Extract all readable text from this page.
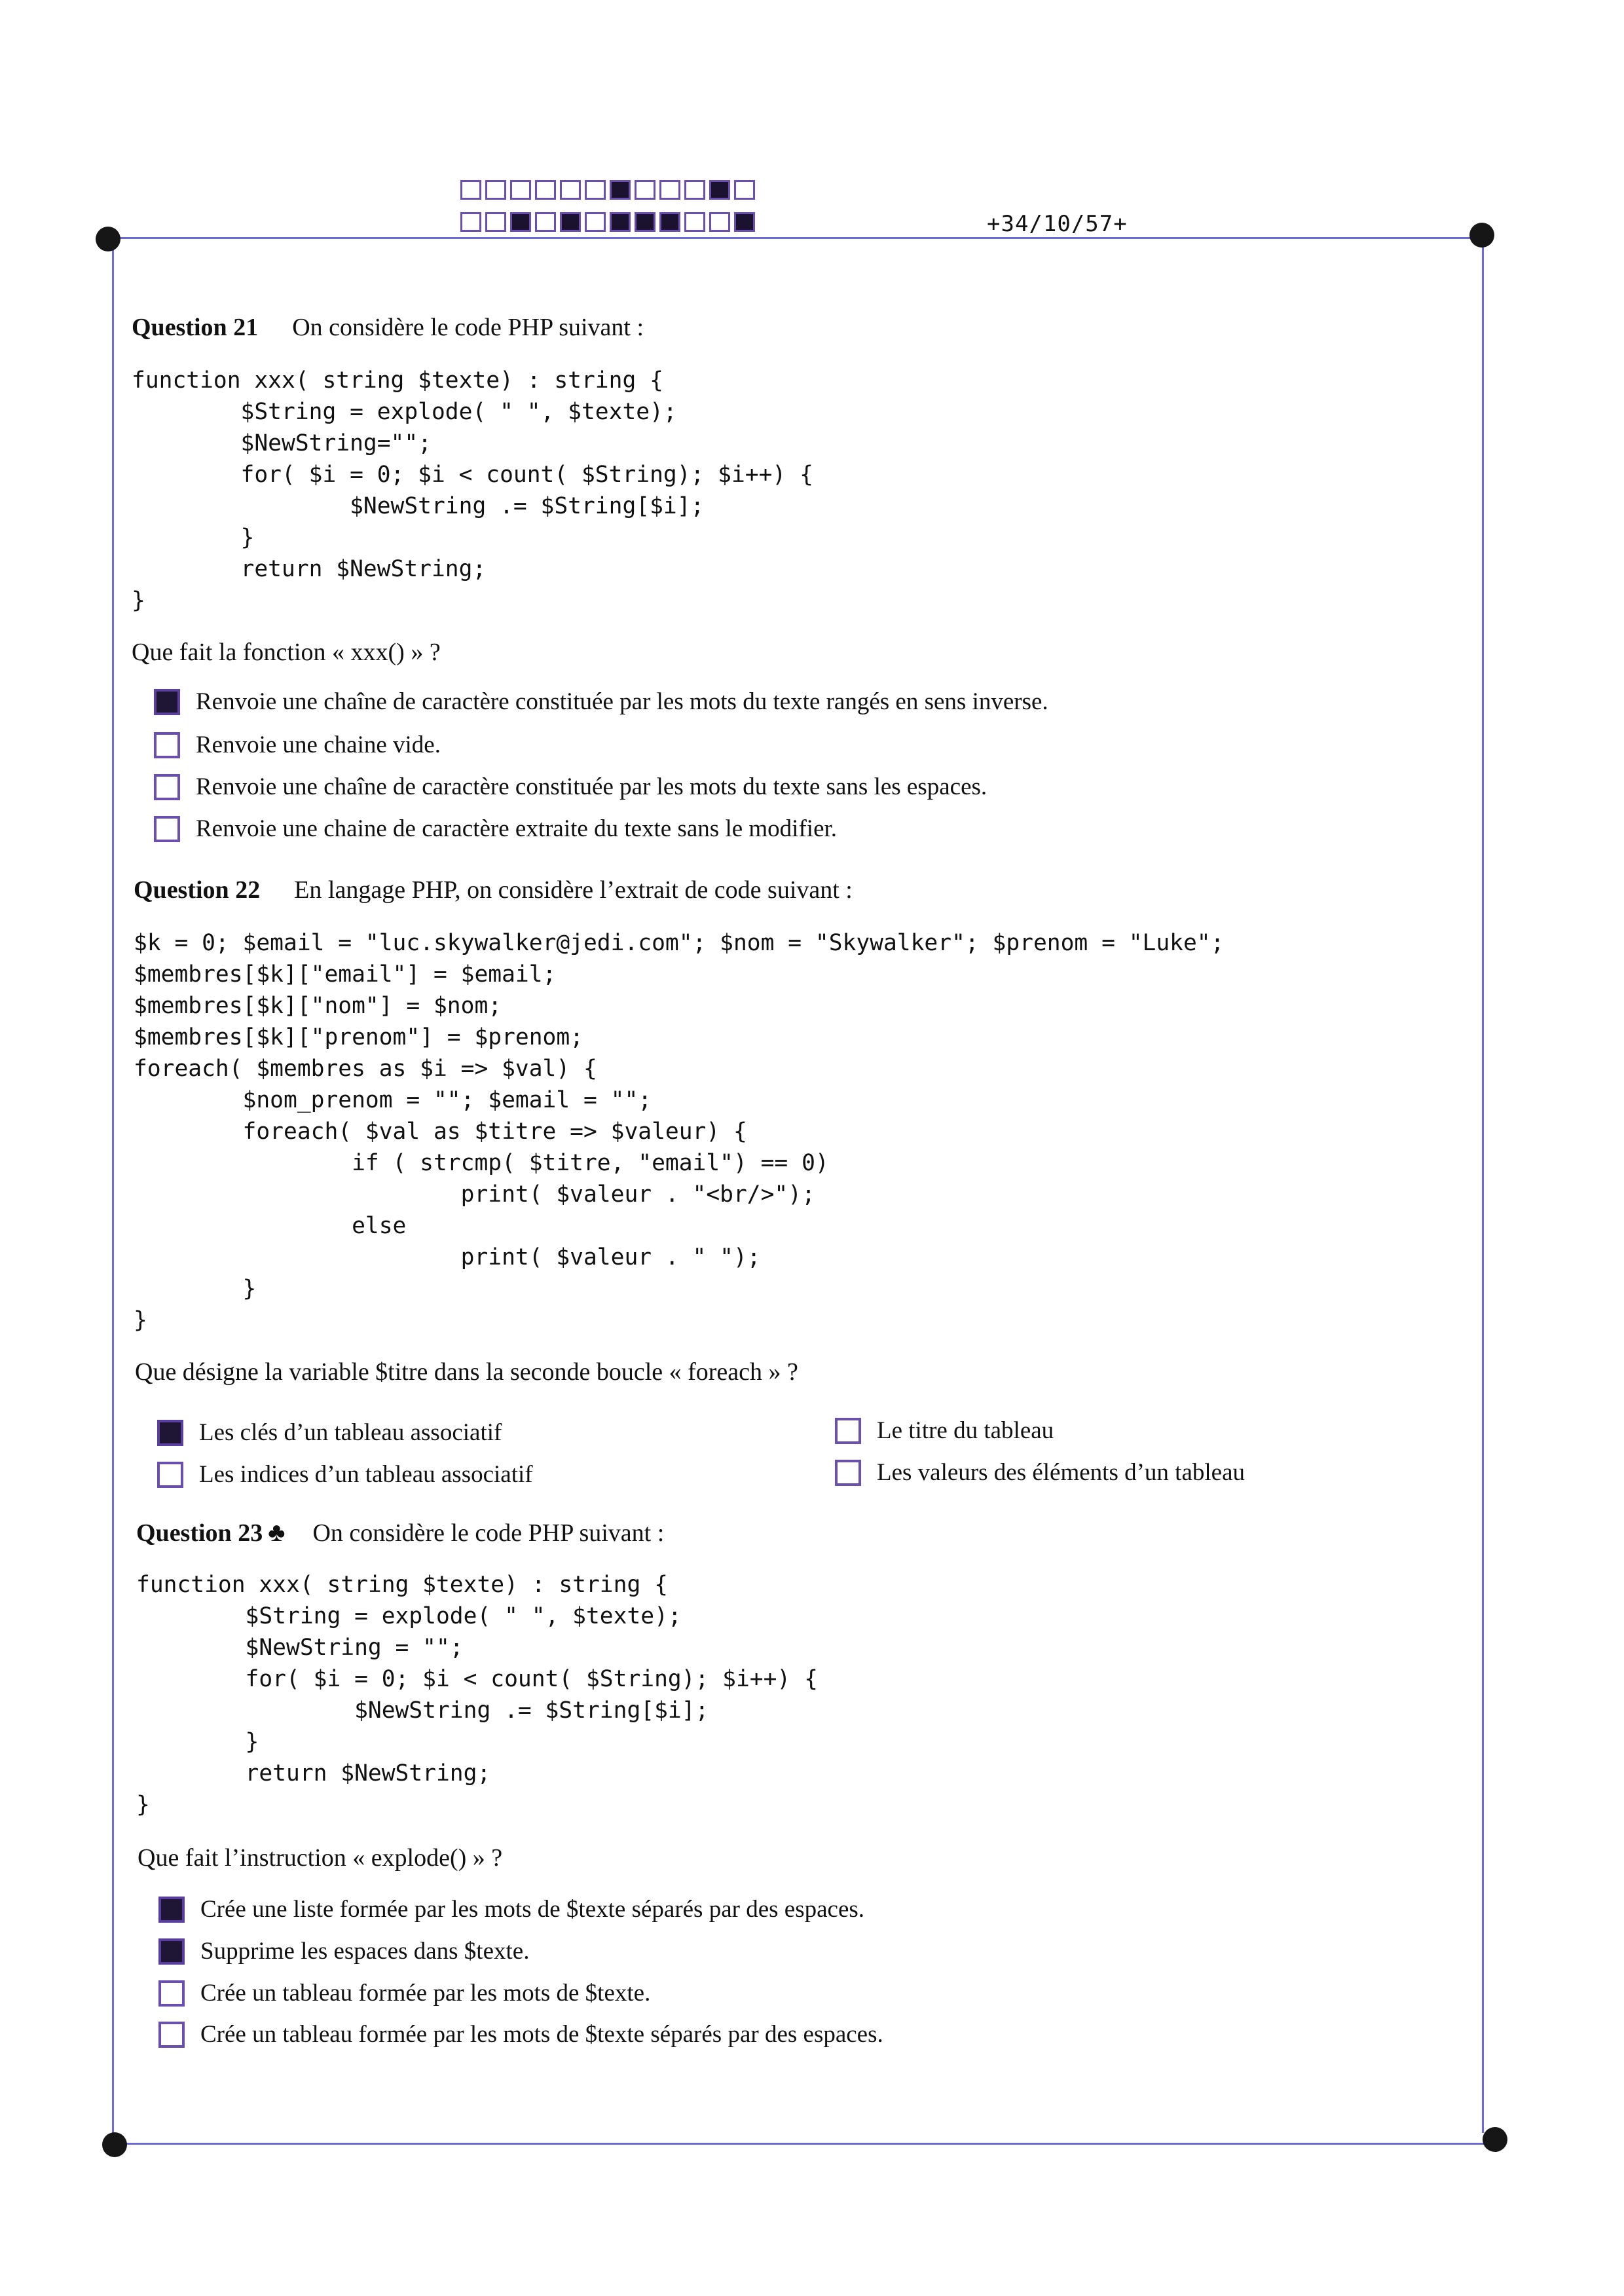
+34/10/57+
Question 21 On considère le code PHP suivant :
function xxx( string $texte) : string {
$String = explode( " ", $texte);
$NewString="";
for( $i = 0; $i < count( $String); $i++) {
$NewString .= $String[$i];
}
return $NewString;
}
Que fait la fonction « xxx() » ?
Renvoie une chaîne de caractère constituée par les mots du texte rangés en sens inverse.
Renvoie une chaine vide.
Renvoie une chaîne de caractère constituée par les mots du texte sans les espaces.
Renvoie une chaine de caractère extraite du texte sans le modifier.
Question 22 En langage PHP, on considère l’extrait de code suivant :
$k = 0; $email = "luc.skywalker@jedi.com"; $nom = "Skywalker"; $prenom = "Luke";
$membres[$k]["email"] = $email;
$membres[$k]["nom"] = $nom;
$membres[$k]["prenom"] = $prenom;
foreach( $membres as $i => $val) {
$nom_prenom = ""; $email = "";
foreach( $val as $titre => $valeur) {
if ( strcmp( $titre, "email") == 0)
print( $valeur . "<br/>");
else
print( $valeur . " ");
}
}
Que désigne la variable $titre dans la seconde boucle « foreach » ?
Les clés d’un tableau associatif
Les indices d’un tableau associatif
Le titre du tableau
Les valeurs des éléments d’un tableau
Question 23 ♣ On considère le code PHP suivant :
function xxx( string $texte) : string {
$String = explode( " ", $texte);
$NewString = "";
for( $i = 0; $i < count( $String); $i++) {
$NewString .= $String[$i];
}
return $NewString;
}
Que fait l’instruction « explode() » ?
Crée une liste formée par les mots de $texte séparés par des espaces.
Supprime les espaces dans $texte.
Crée un tableau formée par les mots de $texte.
Crée un tableau formée par les mots de $texte séparés par des espaces.
